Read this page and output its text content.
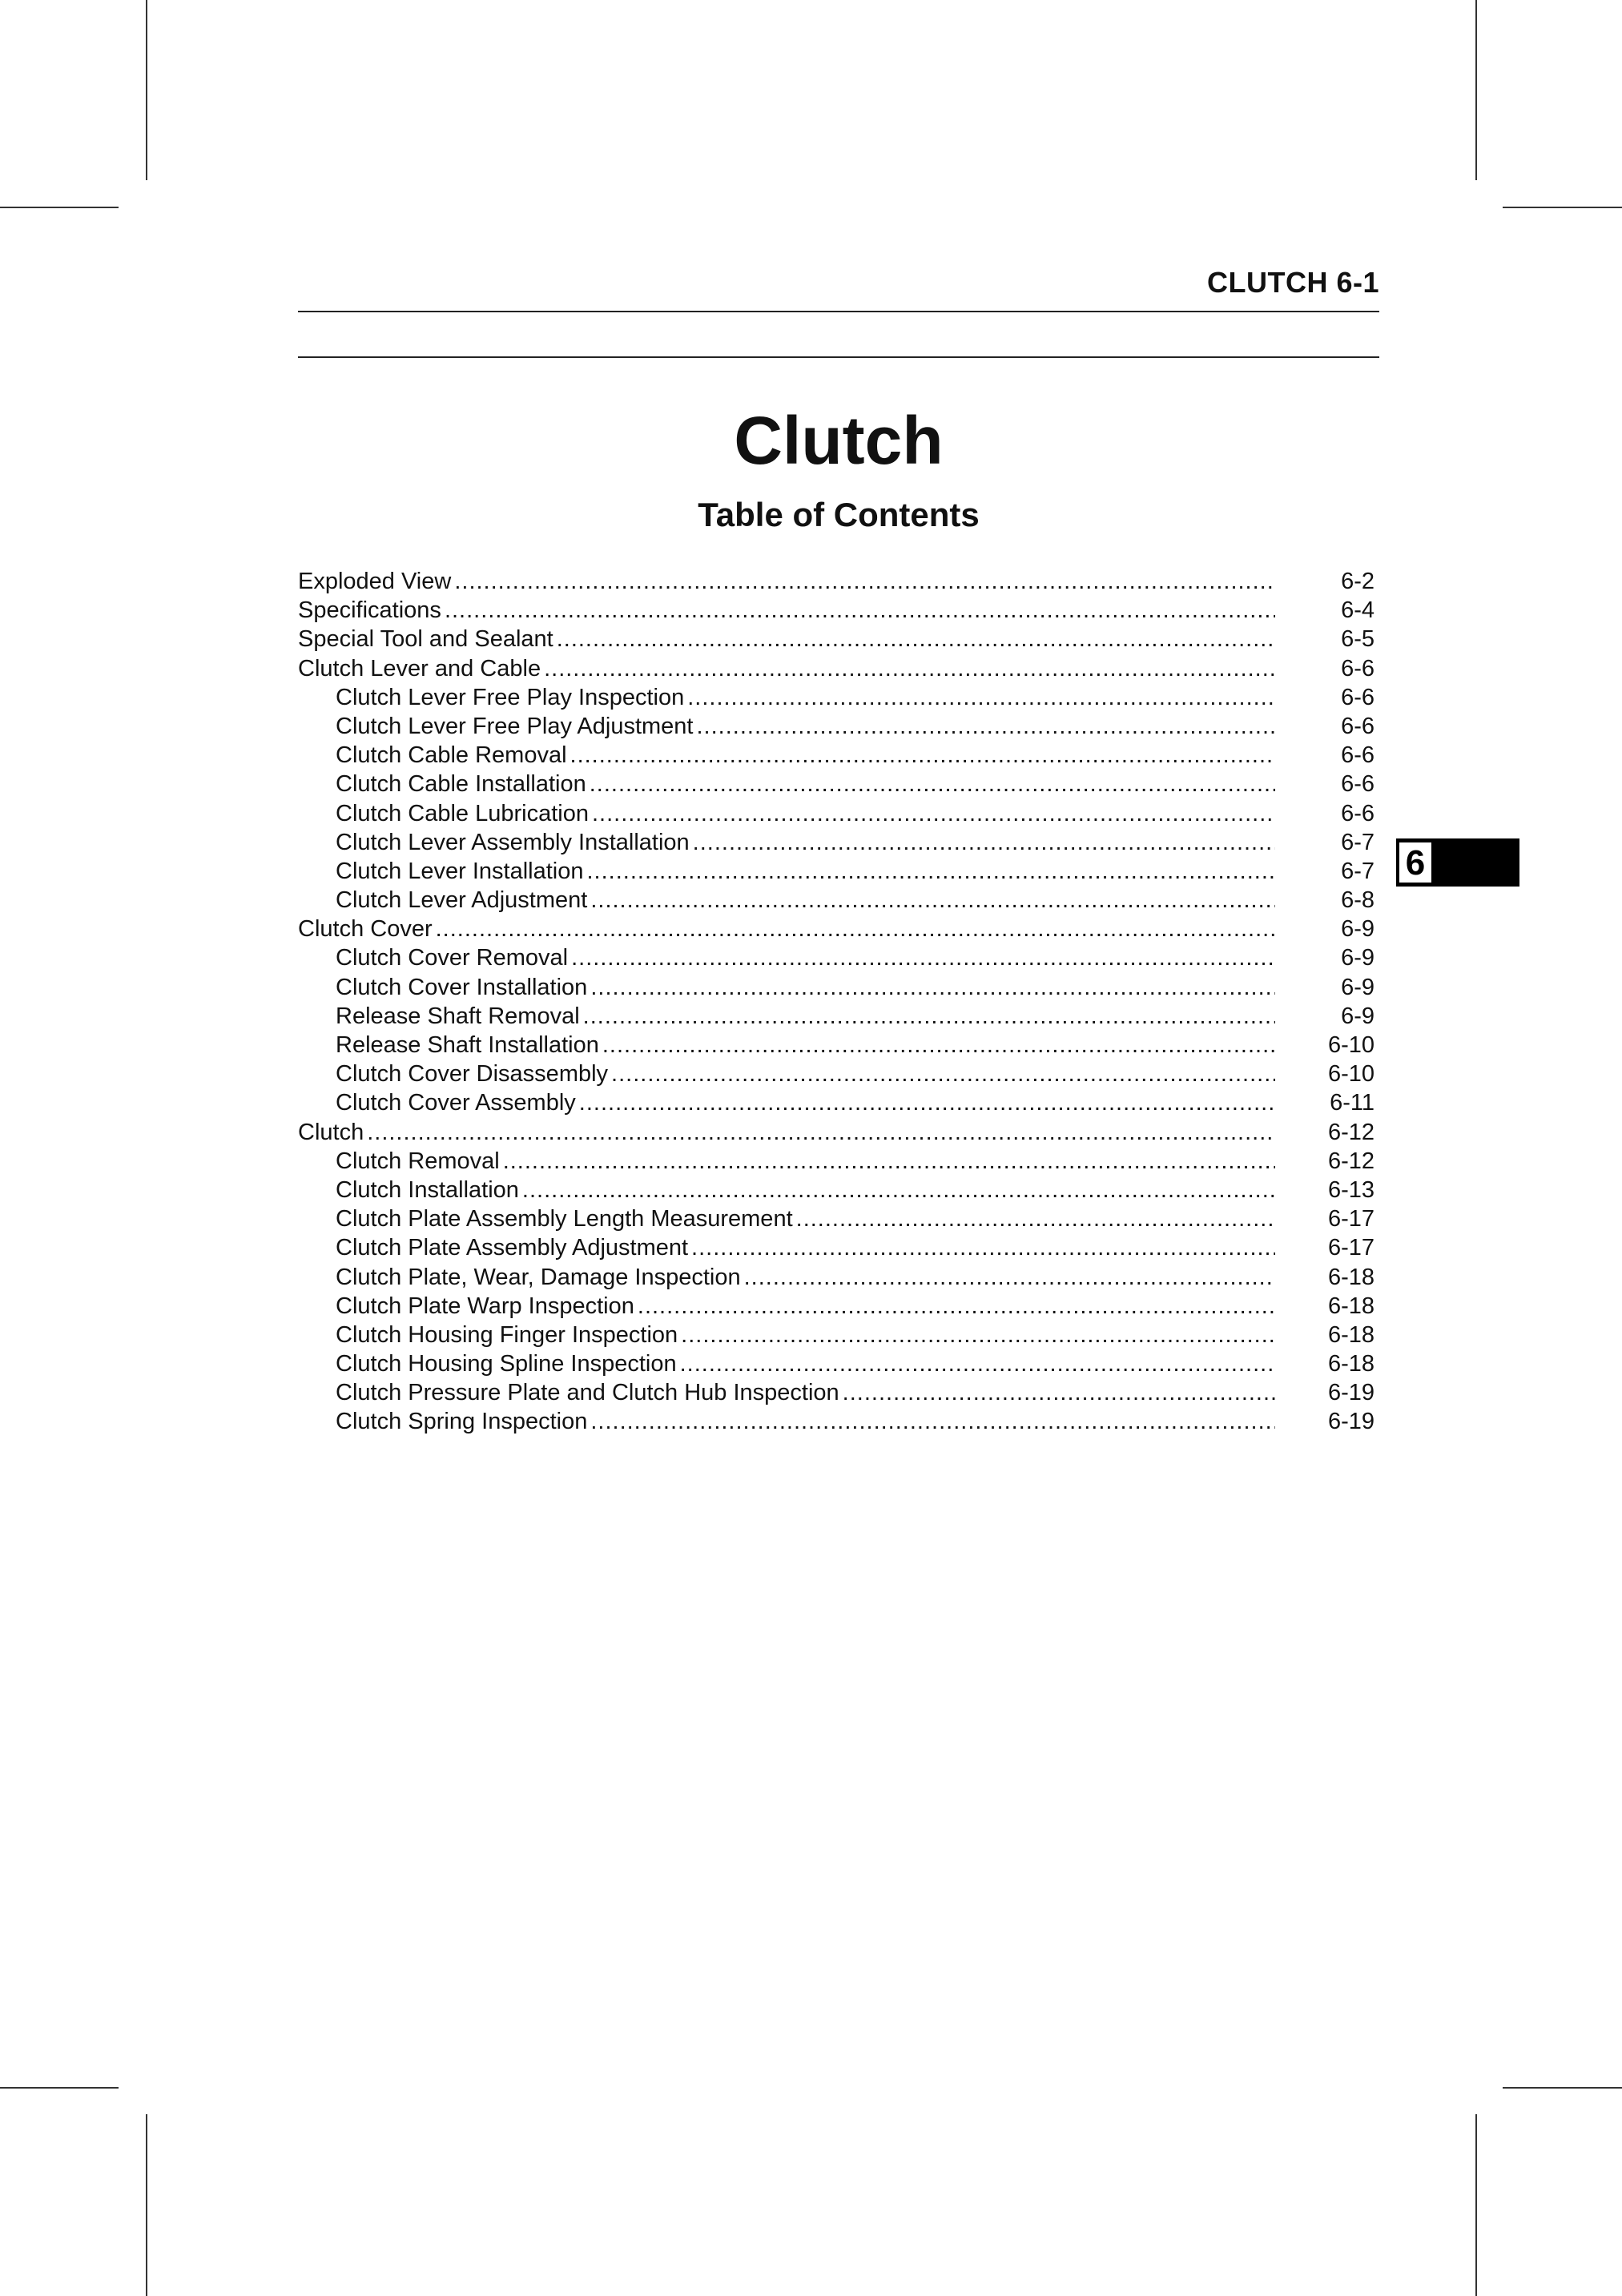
CLUTCH 6-1
Clutch
Table of Contents
Exploded View .....	6-2
Specifications .....	6-4
Special Tool and Sealant .....	6-5
Clutch Lever and Cable .....	6-6
Clutch Lever Free Play Inspection .....	6-6
Clutch Lever Free Play Adjustment .....	6-6
Clutch Cable Removal .....	6-6
Clutch Cable Installation .....	6-6
Clutch Cable Lubrication .....	6-6
Clutch Lever Assembly Installation .....	6-7
Clutch Lever Installation .....	6-7
Clutch Lever Adjustment .....	6-8
Clutch Cover .....	6-9
Clutch Cover Removal .....	6-9
Clutch Cover Installation .....	6-9
Release Shaft Removal .....	6-9
Release Shaft Installation .....	6-10
Clutch Cover Disassembly .....	6-10
Clutch Cover Assembly .....	6-11
Clutch .....	6-12
Clutch Removal .....	6-12
Clutch Installation .....	6-13
Clutch Plate Assembly Length Measurement .....	6-17
Clutch Plate Assembly Adjustment .....	6-17
Clutch Plate, Wear, Damage Inspection .....	6-18
Clutch Plate Warp Inspection .....	6-18
Clutch Housing Finger Inspection .....	6-18
Clutch Housing Spline Inspection .....	6-18
Clutch Pressure Plate and Clutch Hub Inspection .....	6-19
Clutch Spring Inspection .....	6-19
6
